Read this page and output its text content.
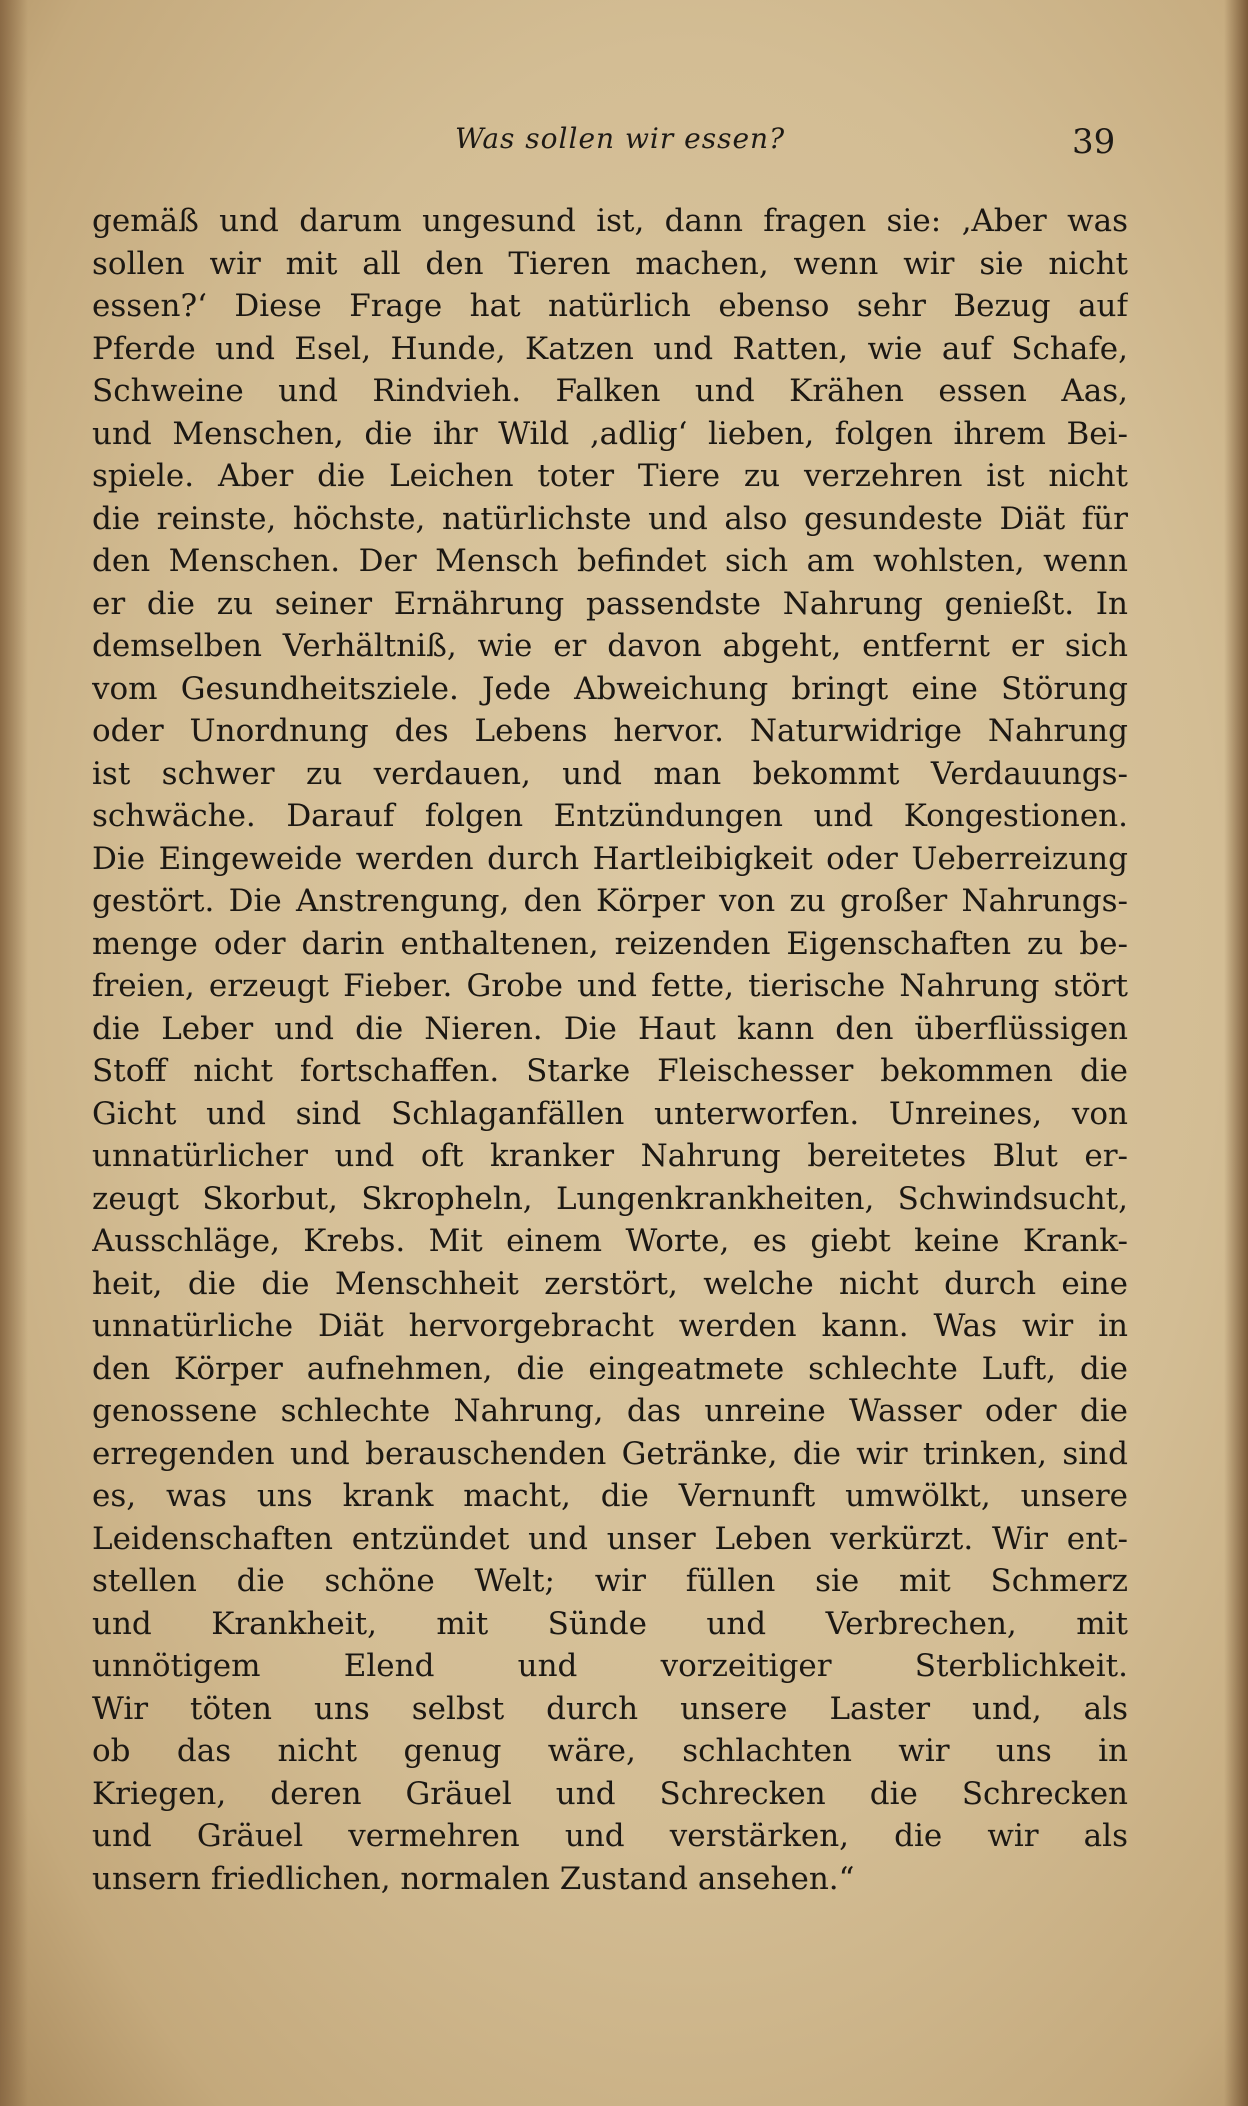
Was sollen wir essen?	39
gemäß und darum ungesund ist, dann fragen sie: ‚Aber was
sollen wir mit all den Tieren machen, wenn wir sie nicht
essen?‘ Diese Frage hat natürlich ebenso sehr Bezug auf
Pferde und Esel, Hunde, Katzen und Ratten, wie auf Schafe,
Schweine und Rindvieh. Falken und Krähen essen Aas,
und Menschen, die ihr Wild ‚adlig‘ lieben, folgen ihrem Bei-
spiele. Aber die Leichen toter Tiere zu verzehren ist nicht
die reinste, höchste, natürlichste und also gesundeste Diät für
den Menschen. Der Mensch befindet sich am wohlsten, wenn
er die zu seiner Ernährung passendste Nahrung genießt. In
demselben Verhältniß, wie er davon abgeht, entfernt er sich
vom Gesundheitsziele. Jede Abweichung bringt eine Störung
oder Unordnung des Lebens hervor. Naturwidrige Nahrung
ist schwer zu verdauen, und man bekommt Verdauungs-
schwäche. Darauf folgen Entzündungen und Kongestionen.
Die Eingeweide werden durch Hartleibigkeit oder Ueberreizung
gestört. Die Anstrengung, den Körper von zu großer Nahrungs-
menge oder darin enthaltenen, reizenden Eigenschaften zu be-
freien, erzeugt Fieber. Grobe und fette, tierische Nahrung stört
die Leber und die Nieren. Die Haut kann den überflüssigen
Stoff nicht fortschaffen. Starke Fleischesser bekommen die
Gicht und sind Schlaganfällen unterworfen. Unreines, von
unnatürlicher und oft kranker Nahrung bereitetes Blut er-
zeugt Skorbut, Skropheln, Lungenkrankheiten, Schwindsucht,
Ausschläge, Krebs. Mit einem Worte, es giebt keine Krank-
heit, die die Menschheit zerstört, welche nicht durch eine
unnatürliche Diät hervorgebracht werden kann. Was wir in
den Körper aufnehmen, die eingeatmete schlechte Luft, die
genossene schlechte Nahrung, das unreine Wasser oder die
erregenden und berauschenden Getränke, die wir trinken, sind
es, was uns krank macht, die Vernunft umwölkt, unsere
Leidenschaften entzündet und unser Leben verkürzt. Wir ent-
stellen die schöne Welt; wir füllen sie mit Schmerz
und Krankheit, mit Sünde und Verbrechen, mit
unnötigem Elend und vorzeitiger Sterblichkeit.
Wir töten uns selbst durch unsere Laster und, als
ob das nicht genug wäre, schlachten wir uns in
Kriegen, deren Gräuel und Schrecken die Schrecken
und Gräuel vermehren und verstärken, die wir als
unsern friedlichen, normalen Zustand ansehen.“
